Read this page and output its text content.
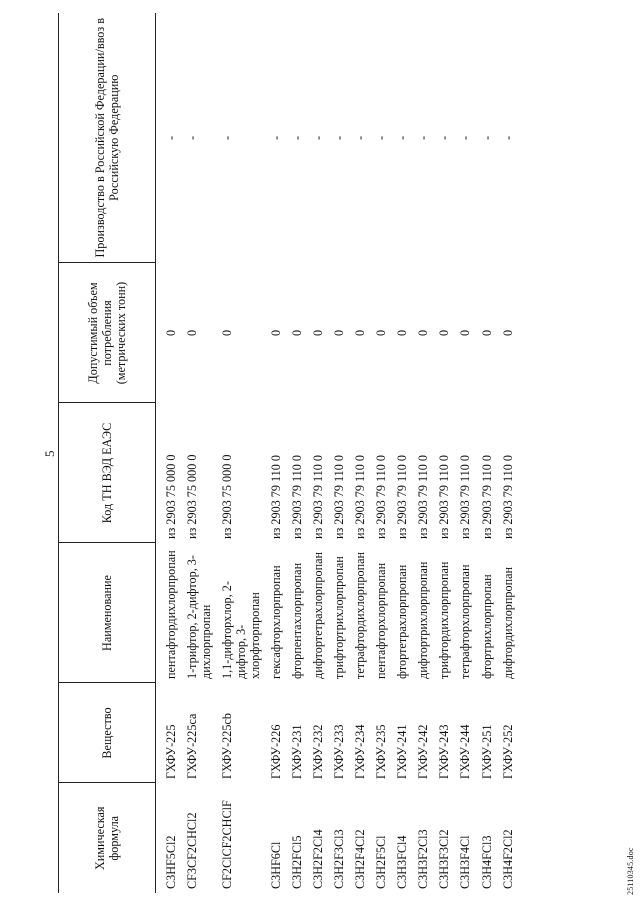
5
Химическая формула	Вещество	Наименование	Код ТН ВЭД ЕАЭС	Допустимый объем потребления (метрических тонн)	Производство в Российской Федерации/ввоз в Российскую Федерацию
C3HF5Cl2	ГХФУ-225	пентафтордихлорпропан	из 2903 75 000 0	0	-
CF3CF2CHCl2	ГХФУ-225са	1-трифтор, 2-дифтор, 3-дихлорпропан	из 2903 75 000 0	0	-
CF2ClCF2CHClF	ГХФУ-225cb	1,1-дифторхлор, 2-дифтор, 3-хлорфторпропан	из 2903 75 000 0	0	-
C3HF6Cl	ГХФУ-226	гексафторхлорпропан	из 2903 79 110 0	0	-
C3H2FCl5	ГХФУ-231	фторпентахлорпропан	из 2903 79 110 0	0	-
C3H2F2Cl4	ГХФУ-232	дифтортетрахлорпропан	из 2903 79 110 0	0	-
C3H2F3Cl3	ГХФУ-233	трифтортрихлорпропан	из 2903 79 110 0	0	-
C3H2F4Cl2	ГХФУ-234	тетрафтордихлорпропан	из 2903 79 110 0	0	-
C3H2F5Cl	ГХФУ-235	пентафторхлорпропан	из 2903 79 110 0	0	-
C3H3FCl4	ГХФУ-241	фтортетрахлорпропан	из 2903 79 110 0	0	-
C3H3F2Cl3	ГХФУ-242	дифтортрихлорпропан	из 2903 79 110 0	0	-
C3H3F3Cl2	ГХФУ-243	трифтордихлорпропан	из 2903 79 110 0	0	-
C3H3F4Cl	ГХФУ-244	тетрафторхлорпропан	из 2903 79 110 0	0	-
C3H4FCl3	ГХФУ-251	фтортрихлорпропан	из 2903 79 110 0	0	-
C3H4F2Cl2	ГХФУ-252	дифтордихлорпропан	из 2903 79 110 0	0	-
25110345.doc
